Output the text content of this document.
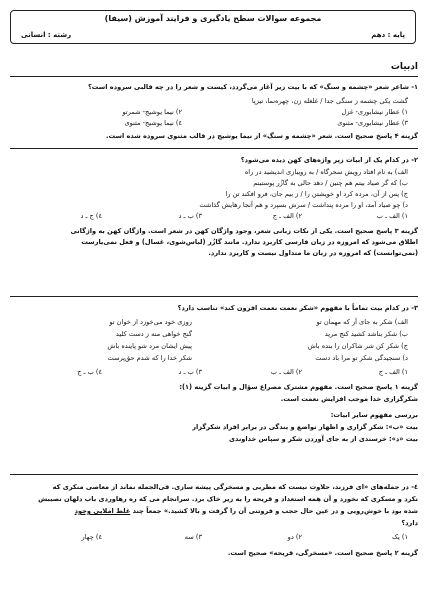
مجموعه سوالات سطح یادگیری و فرایند آموزش (سیفا)
پایه : دهم
رشته : انسانی
ادبیات
١- شاعر شعر «چشمه و سنگ» که با بیت زیر آغاز می‌گردد، کیست و شعر را در چه قالبی سروده است؟
گشت یکی چشمه ز سنگی جدا / غلغله زن، چهره‌نما، تیزپا
١) عطار نیشابوری- غزل
٢) نیما یوشیج- شمرتو
٣) عطار نیشابوری- مثنوی
٤) نیما یوشیج- مثنوی
گزینه ۴ پاسخ صحیح است. شعر «چشمه و سنگ» از نیما یوشیج در قالب مثنوی سروده شده است.
٢- در کدام یک از ابیات زیر واژه‌های کهن دیده می‌شود؟
الف) به نام افتاد رویش سحرگاه / به رویبازی اندیشید در راه
ب) که گر صیاد بیتم هم چنین / دهد حالی به گازُر پوستینم
ج) پس از آن، مرده کرد او خویشتن را / ز بیم جان، فرو افکند تن را
د) چو صیاد آمد، او را مرده پنداشت / سرش بسپرد و هم آنجا رهایش گذاشت
١) الف ـ ب
٢) الف ـ ج
٣) ب ـ د
٤) ج ـ د
گزینه ٣ پاسخ صحیح است. یکی از نکات زبانی شعر، وجود واژگان کهن در شعر است. واژگان کهن به واژگانی
اطلاق می‌شود که امروزه در زبان فارسی کاربرد ندارد. مانند گازُر (لباس‌شوی، غسال) و فعل نمی‌یارست
(نمی‌توانست) که امروزه در زبان ما متداول نیست و کاربرد ندارد.
٣- در کدام بیت تماماً با مفهوم «شکر نعمت نعمت افزون کند» تناسب دارد؟
الف) شکر به جای آر که مهمان تو
روزی خود می‌خورد از خوان تو
ب) شکر بناشد کشید کنج مرید
گنج خواهی منه ز دست کلید
ج) شکر کن شر شاکران را بنده باش
پیش ایشان مرد شو پاینده باش
د) سنجیدگی شکر تو مرا باد دست
شکر خدا را که شدم حق‌پرست
١) الف ـ ج
٢) الف ـ ب
٣) ب ـ د
٤) ب ـ ج
گزینه ١ پاسخ صحیح است. مفهوم مشترک مصراع سؤال و ابیات گزینه (١):
شکرگزاری خدا موجب افزایش نعمت است.
بررسی مفهوم سایر ابیات:
بیت «ب»: شکر گزاری و اظهار تواضع و بندگی در برابر افراد شکرگزار
بیت «د»: خرسندی از به جای آوردن شکر و سپاس خداوندی
٤- در جمله‌های «ای فرزند، حلاوت نیست که مطربی و مسخرگی پیشه سازی. فی‌الجمله نماند از معاصی منکری که
نکرد و مسکری که نخورد و آن همه استعداد و قریحه را به زیر خاک برد. سرانجام می که ره رهاوردی باب دلهان نصیبش
شده بود با خوش‌رویی و در عین حال حجب و فروتنی آن را گرفت و بالا کشید.» جمعاً چند غلط املایی وجود
دارد؟
١) یک
٢) دو
٣) سه
٤) چهار
گزینه ٢ پاسخ صحیح است. «مسخرگی، قریحه» صحیح است.
